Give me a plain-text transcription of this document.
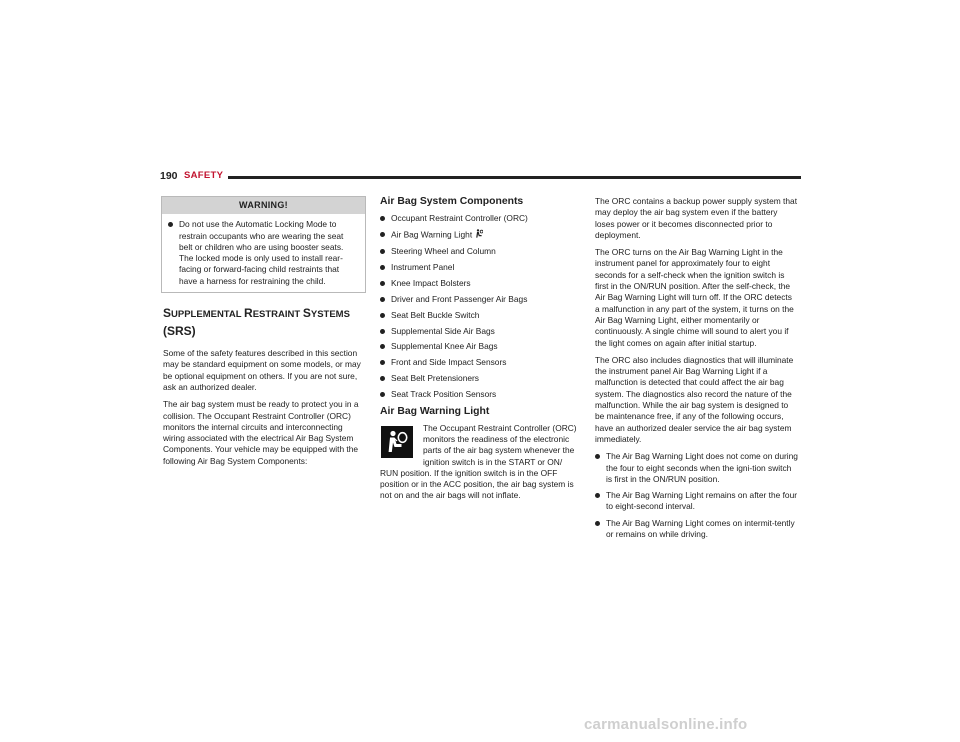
190 SAFETY
WARNING!
Do not use the Automatic Locking Mode to restrain occupants who are wearing the seat belt or children who are using booster seats. The locked mode is only used to install rear-facing or forward-facing child restraints that have a harness for restraining the child.
SUPPLEMENTAL RESTRAINT SYSTEMS
(SRS)

Some of the safety features described in this section may be standard equipment on some models, or may be optional equipment on others. If you are not sure, ask an authorized dealer.

The air bag system must be ready to protect you in a collision. The Occupant Restraint Controller (ORC) monitors the internal circuits and interconnecting wiring associated with the electrical Air Bag System Components. Your vehicle may be equipped with the following Air Bag System Components:

Air Bag System Components
Occupant Restraint Controller (ORC)
Air Bag Warning Light
Steering Wheel and Column
Instrument Panel
Knee Impact Bolsters
Driver and Front Passenger Air Bags
Seat Belt Buckle Switch
Supplemental Side Air Bags
Supplemental Knee Air Bags
Front and Side Impact Sensors
Seat Belt Pretensioners
Seat Track Position Sensors
Air Bag Warning Light

The Occupant Restraint Controller (ORC) monitors the readiness of the electronic parts of the air bag system whenever the ignition switch is in the START or ON/ RUN position. If the ignition switch is in the OFF position or in the ACC position, the air bag system is not on and the air bags will not inflate.

The ORC contains a backup power supply system that may deploy the air bag system even if the battery loses power or it becomes disconnected prior to deployment.

The ORC turns on the Air Bag Warning Light in the instrument panel for approximately four to eight seconds for a self-check when the ignition switch is first in the ON/RUN position. After the self-check, the Air Bag Warning Light will turn off. If the ORC detects a malfunction in any part of the system, it turns on the Air Bag Warning Light, either momentarily or continuously. A single chime will sound to alert you if the light comes on again after initial startup.

The ORC also includes diagnostics that will illuminate the instrument panel Air Bag Warning Light if a malfunction is detected that could affect the air bag system. The diagnostics also record the nature of the malfunction. While the air bag system is designed to be maintenance free, if any of the following occurs, have an authorized dealer service the air bag system immediately.

The Air Bag Warning Light does not come on during the four to eight seconds when the igni-tion switch is first in the ON/RUN position.
The Air Bag Warning Light remains on after the four to eight-second interval.
The Air Bag Warning Light comes on intermit-tently or remains on while driving.
carmanualsonline.info
